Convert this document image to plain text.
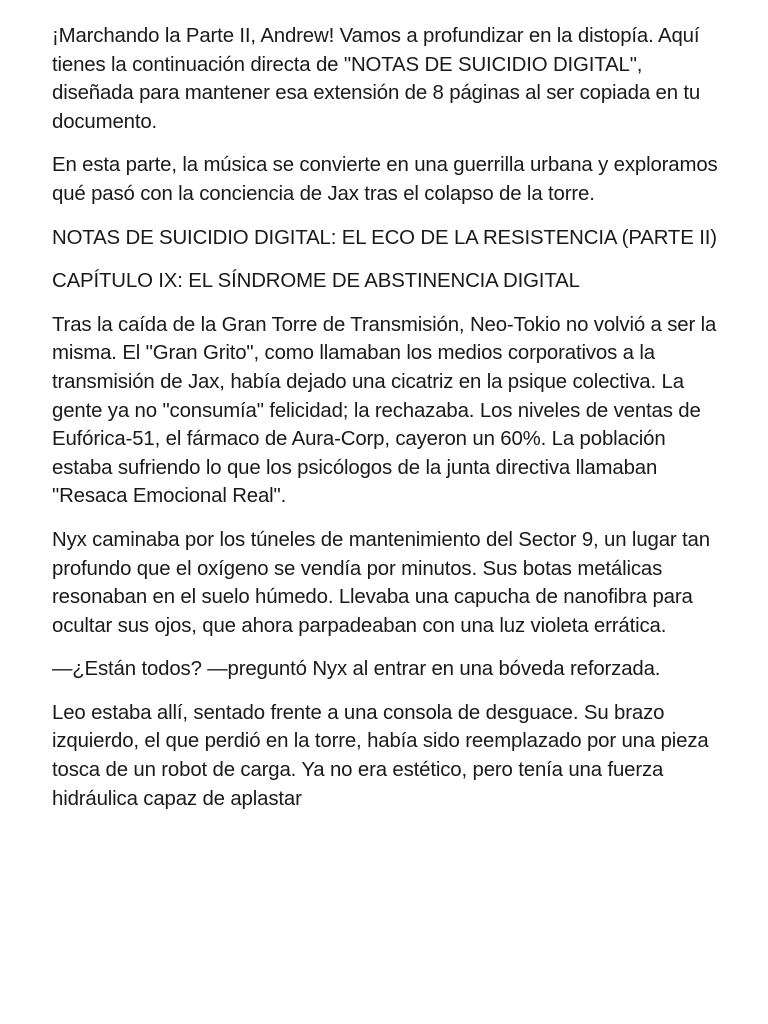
¡Marchando la Parte II, Andrew! Vamos a profundizar en la distopía. Aquí tienes la continuación directa de "NOTAS DE SUICIDIO DIGITAL", diseñada para mantener esa extensión de 8 páginas al ser copiada en tu documento.

En esta parte, la música se convierte en una guerrilla urbana y exploramos qué pasó con la conciencia de Jax tras el colapso de la torre.

NOTAS DE SUICIDIO DIGITAL: EL ECO DE LA RESISTENCIA (PARTE II)

CAPÍTULO IX: EL SÍNDROME DE ABSTINENCIA DIGITAL

Tras la caída de la Gran Torre de Transmisión, Neo-Tokio no volvió a ser la misma. El "Gran Grito", como llamaban los medios corporativos a la transmisión de Jax, había dejado una cicatriz en la psique colectiva. La gente ya no "consumía" felicidad; la rechazaba. Los niveles de ventas de Eufórica-51, el fármaco de Aura-Corp, cayeron un 60%. La población estaba sufriendo lo que los psicólogos de la junta directiva llamaban "Resaca Emocional Real".

Nyx caminaba por los túneles de mantenimiento del Sector 9, un lugar tan profundo que el oxígeno se vendía por minutos. Sus botas metálicas resonaban en el suelo húmedo. Llevaba una capucha de nanofibra para ocultar sus ojos, que ahora parpadeaban con una luz violeta errática.

—¿Están todos? —preguntó Nyx al entrar en una bóveda reforzada.

Leo estaba allí, sentado frente a una consola de desguace. Su brazo izquierdo, el que perdió en la torre, había sido reemplazado por una pieza tosca de un robot de carga. Ya no era estético, pero tenía una fuerza hidráulica capaz de aplastar
